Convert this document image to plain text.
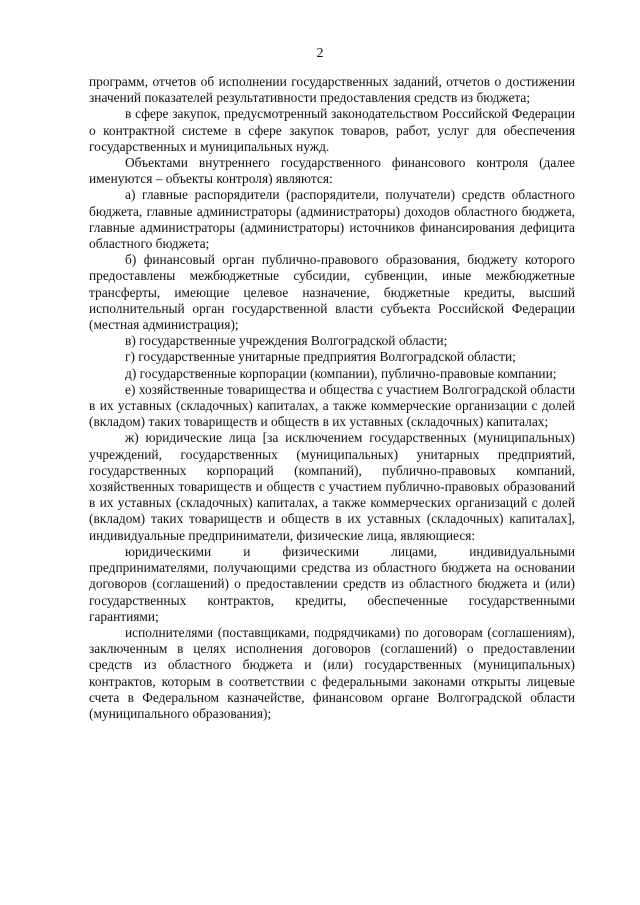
2

программ, отчетов об исполнении государственных заданий, отчетов о достижении значений показателей результативности предоставления средств из бюджета;

в сфере закупок, предусмотренный законодательством Российской Федерации о контрактной системе в сфере закупок товаров, работ, услуг для обеспечения государственных и муниципальных нужд.

Объектами внутреннего государственного финансового контроля (далее именуются – объекты контроля) являются:

а) главные распорядители (распорядители, получатели) средств областного бюджета, главные администраторы (администраторы) доходов областного бюджета, главные администраторы (администраторы) источников финансирования дефицита областного бюджета;

б) финансовый орган публично-правового образования, бюджету которого предоставлены межбюджетные субсидии, субвенции, иные межбюджетные трансферты, имеющие целевое назначение, бюджетные кредиты, высший исполнительный орган государственной власти субъекта Российской Федерации (местная администрация);

в) государственные учреждения Волгоградской области;

г) государственные унитарные предприятия Волгоградской области;

д) государственные корпорации (компании), публично-правовые компании;

е) хозяйственные товарищества и общества с участием Волгоградской области в их уставных (складочных) капиталах, а также коммерческие организации с долей (вкладом) таких товариществ и обществ в их уставных (складочных) капиталах;

ж) юридические лица [за исключением государственных (муниципальных) учреждений, государственных (муниципальных) унитарных предприятий, государственных корпораций (компаний), публично-правовых компаний, хозяйственных товариществ и обществ с участием публично-правовых образований в их уставных (складочных) капиталах, а также коммерческих организаций с долей (вкладом) таких товариществ и обществ в их уставных (складочных) капиталах], индивидуальные предприниматели, физические лица, являющиеся:

юридическими и физическими лицами, индивидуальными предпринимателями, получающими средства из областного бюджета на основании договоров (соглашений) о предоставлении средств из областного бюджета и (или) государственных контрактов, кредиты, обеспеченные государственными гарантиями;

исполнителями (поставщиками, подрядчиками) по договорам (соглашениям), заключенным в целях исполнения договоров (соглашений) о предоставлении средств из областного бюджета и (или) государственных (муниципальных) контрактов, которым в соответствии с федеральными законами открыты лицевые счета в Федеральном казначействе, финансовом органе Волгоградской области (муниципального образования);
